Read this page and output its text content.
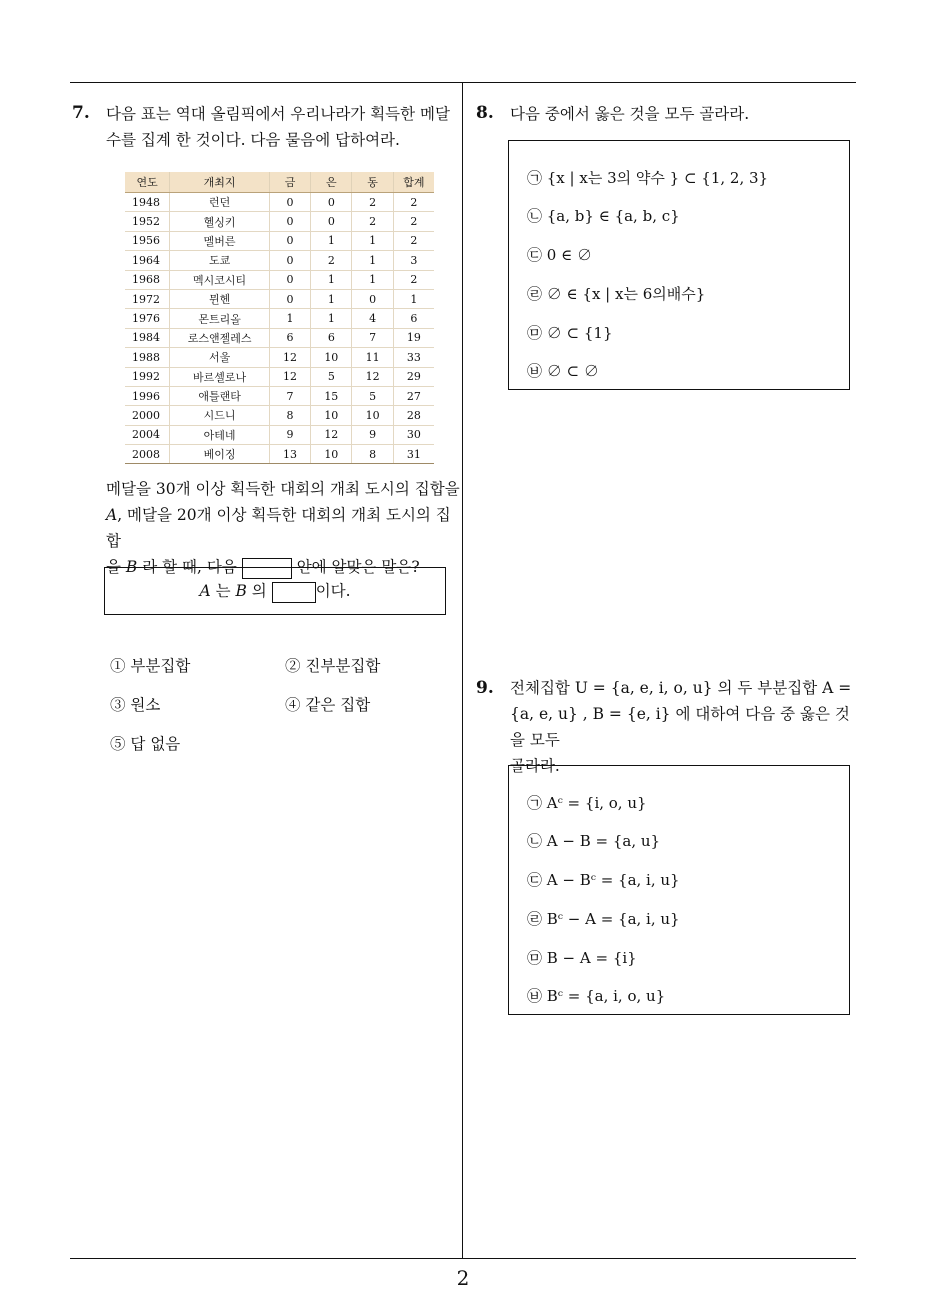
7. 다음 표는 역대 올림픽에서 우리나라가 획득한 메달
수를 집계 한 것이다. 다음 물음에 답하여라.
연도	개최지	금	은	동	합계
1948	런던	0	0	2	2
1952	헬싱키	0	0	2	2
1956	멜버른	0	1	1	2
1964	도쿄	0	2	1	3
1968	멕시코시티	0	1	1	2
1972	뮌헨	0	1	0	1
1976	몬트리올	1	1	4	6
1984	로스앤젤레스	6	6	7	19
1988	서울	12	10	11	33
1992	바르셀로나	12	5	12	29
1996	애틀랜타	7	15	5	27
2000	시드니	8	10	10	28
2004	아테네	9	12	9	30
2008	베이징	13	10	8	31
메달을 30개 이상 획득한 대회의 개최 도시의 집합을
A, 메달을 20개 이상 획득한 대회의 개최 도시의 집합
을 B 라 할 때, 다음	안에 알맞은 말은?
A 는 B 의	이다.
① 부분집합	② 진부분집합
③ 원소	④ 같은 집합
⑤ 답 없음
8. 다음 중에서 옳은 것을 모두 골라라.
㉠ {x | x는 3의 약수 } ⊂ {1, 2, 3}
㉡ {a, b} ∈ {a, b, c}
㉢ 0 ∈ ∅
㉣ ∅ ∈ {x | x는 6의배수}
㉤ ∅ ⊂ {1}
㉥ ∅ ⊂ ∅
9. 전체집합 U = {a, e, i, o, u} 의 두 부분집합 A =
{a, e, u} , B = {e, i} 에 대하여 다음 중 옳은 것을 모두
골라라.
㉠ Aᶜ = {i, o, u}
㉡ A − B = {a, u}
㉢ A − Bᶜ = {a, i, u}
㉣ Bᶜ − A = {a, i, u}
㉤ B − A = {i}
㉥ Bᶜ = {a, i, o, u}
2
